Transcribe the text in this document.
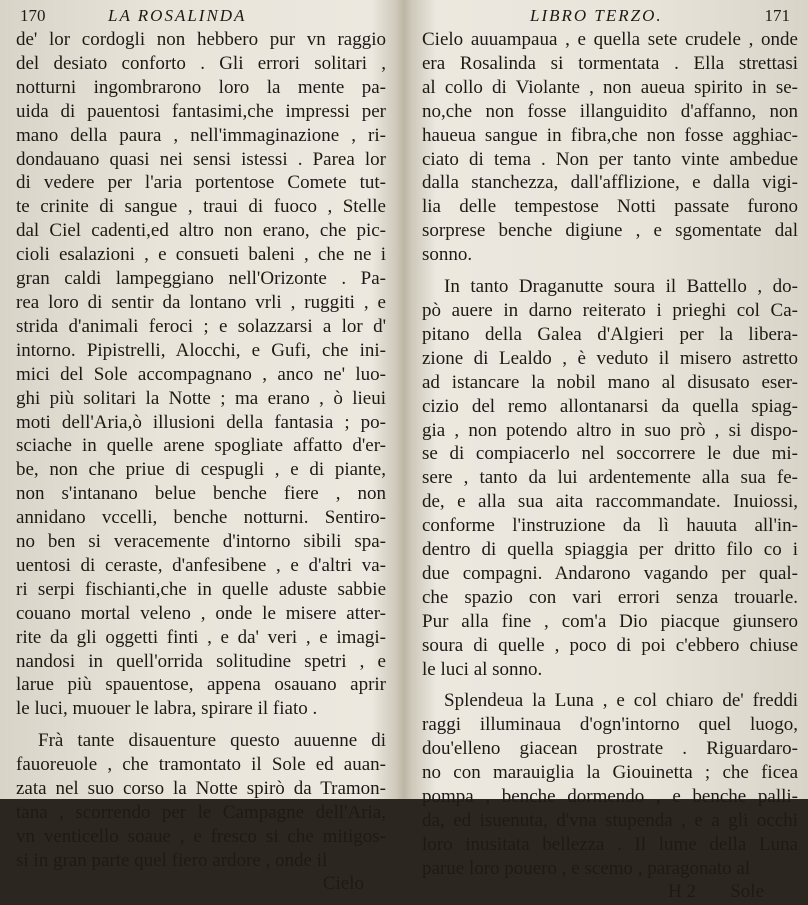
170	LA ROSALINDA
de' lor cordogli non hebbero pur vn raggio
del desiato conforto . Gli errori solitari ,
notturni ingombrarono loro la mente pa-
uida di pauentosi fantasimi,che impressi per
mano della paura , nell'immaginazione , ri-
dondauano quasi nei sensi istessi . Parea lor
di vedere per l'aria portentose Comete tut-
te crinite di sangue , traui di fuoco , Stelle
dal Ciel cadenti,ed altro non erano, che pic-
cioli esalazioni , e consueti baleni , che ne i
gran caldi lampeggiano nell'Orizonte . Pa-
rea loro di sentir da lontano vrli , ruggiti , e
strida d'animali feroci ; e solazzarsi a lor d'
intorno. Pipistrelli, Alocchi, e Gufi, che ini-
mici del Sole accompagnano , anco ne' luo-
ghi più solitari la Notte ; ma erano , ò lieui
moti dell'Aria,ò illusioni della fantasia ; po-
sciache in quelle arene spogliate affatto d'er-
be, non che priue di cespugli , e di piante,
non s'intanano belue benche fiere , non
annidano vccelli, benche notturni. Sentiro-
no ben si veracemente d'intorno sibili spa-
uentosi di ceraste, d'anfesibene , e d'altri va-
ri serpi fischianti,che in quelle aduste sabbie
couano mortal veleno , onde le misere atter-
rite da gli oggetti finti , e da' veri , e imagi-
nandosi in quell'orrida solitudine spetri , e
larue più spauentose, appena osauano aprir
le luci, muouer le labra, spirare il fiato .
Frà tante disauenture questo auuenne di
fauoreuole , che tramontato il Sole ed auan-
zata nel suo corso la Notte spirò da Tramon-
tana , scorrendo per le Campagne dell'Aria,
vn venticello soaue , e fresco si che mitigos-
si in gran parte quel fiero ardore , onde il
Cielo
LIBRO TERZO.	171
Cielo auuampaua , e quella sete crudele , onde
era Rosalinda si tormentata . Ella strettasi
al collo di Violante , non aueua spirito in se-
no,che non fosse illanguidito d'affanno, non
haueua sangue in fibra,che non fosse agghiac-
ciato di tema . Non per tanto vinte ambedue
dalla stanchezza, dall'afflizione, e dalla vigi-
lia delle tempestose Notti passate furono
sorprese benche digiune , e sgomentate dal
sonno.
In tanto Draganutte soura il Battello , do-
pò auere in darno reiterato i prieghi col Ca-
pitano della Galea d'Algieri per la libera-
zione di Lealdo , è veduto il misero astretto
ad istancare la nobil mano al disusato eser-
cizio del remo allontanarsi da quella spiag-
gia , non potendo altro in suo prò , si dispo-
se di compiacerlo nel soccorrere le due mi-
sere , tanto da lui ardentemente alla sua fe-
de, e alla sua aita raccommandate. Inuiossi,
conforme l'instruzione da lì hauuta all'in-
dentro di quella spiaggia per dritto filo co i
due compagni. Andarono vagando per qual-
che spazio con vari errori senza trouarle.
Pur alla fine , com'a Dio piacque giunsero
soura di quelle , poco di poi c'ebbero chiuse
le luci al sonno.
Splendeua la Luna , e col chiaro de' freddi
raggi illuminaua d'ogn'intorno quel luogo,
dou'elleno giacean prostrate . Riguardaro-
no con marauiglia la Giouinetta ; che ficea
pompa , benche dormendo , e benche palli-
da, ed isuenuta, d'vna stupenda , e a gli occhi
loro inusitata bellezza . Il lume della Luna
parue loro pouero , e scemo , paragonato al
H 2 Sole
